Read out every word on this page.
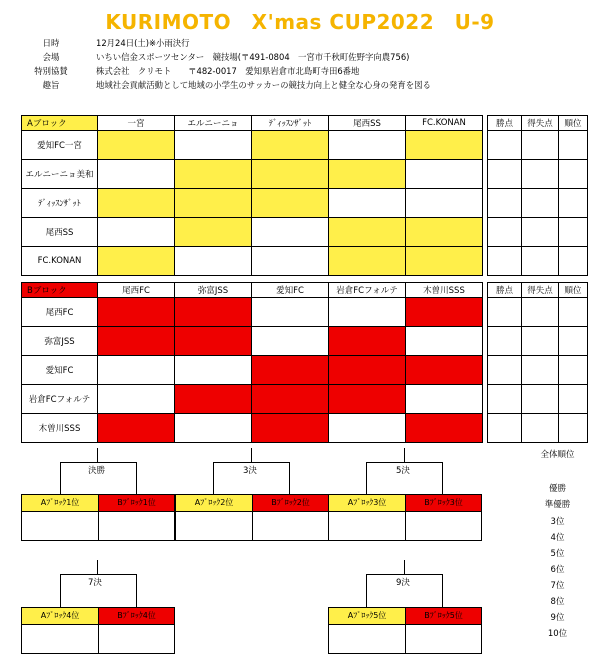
KURIMOTO　X'mas CUP2022　U-9
日時	12月24日(土)※小雨決行
会場	いちい信金スポーツセンター　競技場(〒491-0804　一宮市千秋町佐野字向農756)
特別協賛	株式会社　クリモト　　〒482-0017　愛知県岩倉市北島町寺田6番地
趣旨	地域社会貢献活動として地域の小学生のサッカーの競技力向上と健全な心身の発育を図る
Aブロック	一宮	エルニーニョ	ﾃﾞｨｯｽﾝｻﾞｯﾄ	尾西SS	FC.KONAN		勝点	得失点	順位
愛知FC一宮									
エルニーニョ美和									
ﾃﾞｨｯｽﾝｻﾞｯﾄ									
尾西SS									
FC.KONAN									
Bブロック	尾西FC	弥富JSS	愛知FC	岩倉FCフォルテ	木曽川SSS		勝点	得失点	順位
尾西FC									
弥富JSS									
愛知FC									
岩倉FCフォルテ									
木曽川SSS									
決勝	3決	5決
Aﾌﾞﾛｯｸ1位	Bﾌﾞﾛｯｸ1位	Aﾌﾞﾛｯｸ2位	Bﾌﾞﾛｯｸ2位	Aﾌﾞﾛｯｸ3位	Bﾌﾞﾛｯｸ3位
7決	9決
Aﾌﾞﾛｯｸ4位	Bﾌﾞﾛｯｸ4位	Aﾌﾞﾛｯｸ5位	Bﾌﾞﾛｯｸ5位
全体順位
優勝
準優勝
3位
4位
5位
6位
7位
8位
9位
10位
